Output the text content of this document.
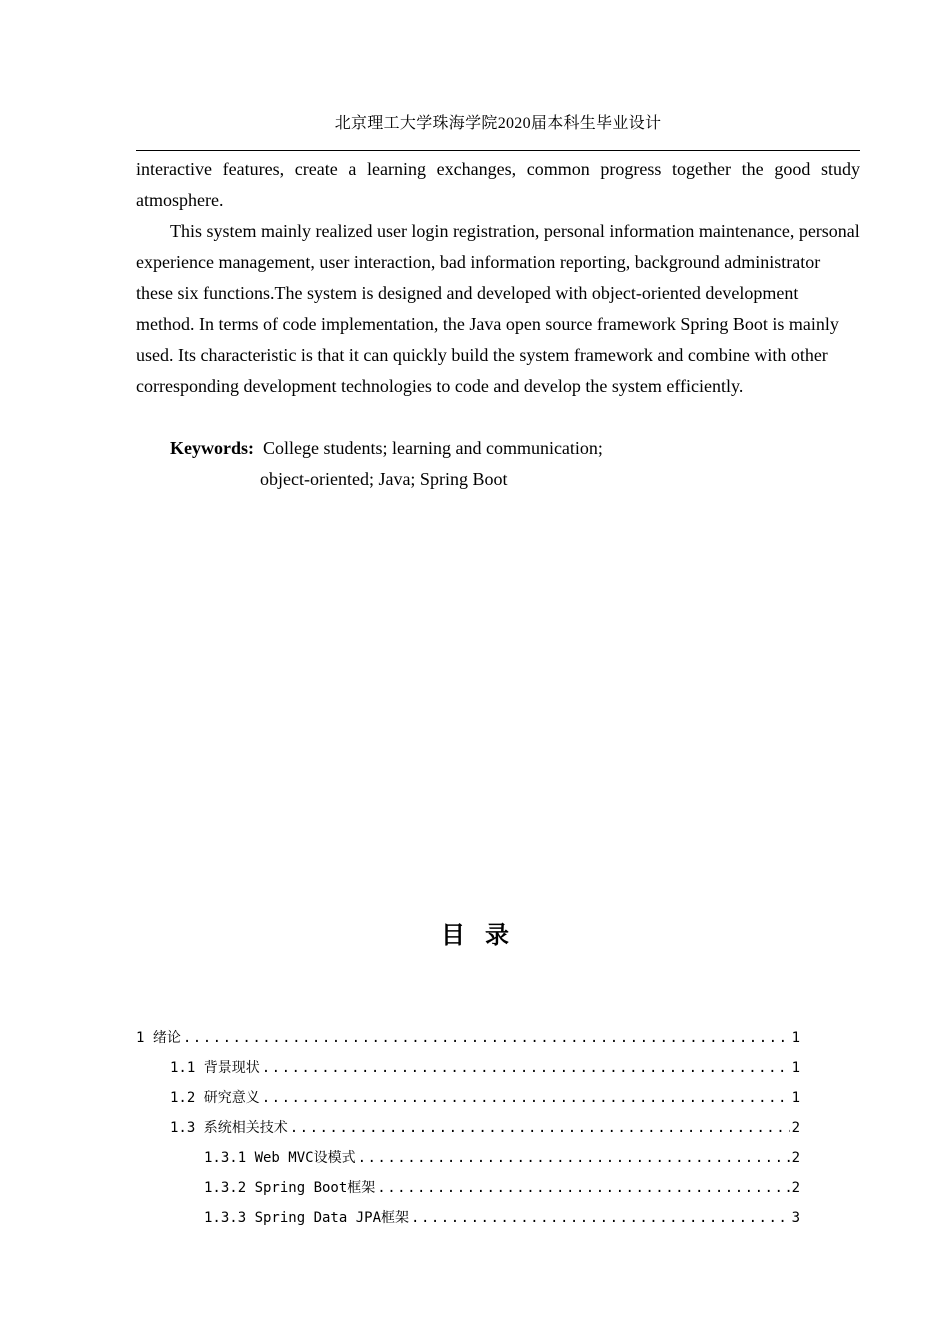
北京理工大学珠海学院2020届本科生毕业设计

interactive features, create a learning exchanges, common progress together the good study atmosphere.

This system mainly realized user login registration, personal information maintenance, personal experience management, user interaction, bad information reporting, background administrator these six functions.The system is designed and developed with object-oriented development method. In terms of code implementation, the Java open source framework Spring Boot is mainly used. Its characteristic is that it can quickly build the system framework and combine with other corresponding development technologies to code and develop the system efficiently.

Keywords: College students; learning and communication;
object-oriented; Java; Spring Boot
目录
1 绪论 .....	1
1.1 背景现状 .....	1
1.2 研究意义 .....	1
1.3 系统相关技术 .....	2
1.3.1 Web MVC设模式 .....	2
1.3.2 Spring Boot框架 .....	2
1.3.3 Spring Data JPA框架 .....	3
